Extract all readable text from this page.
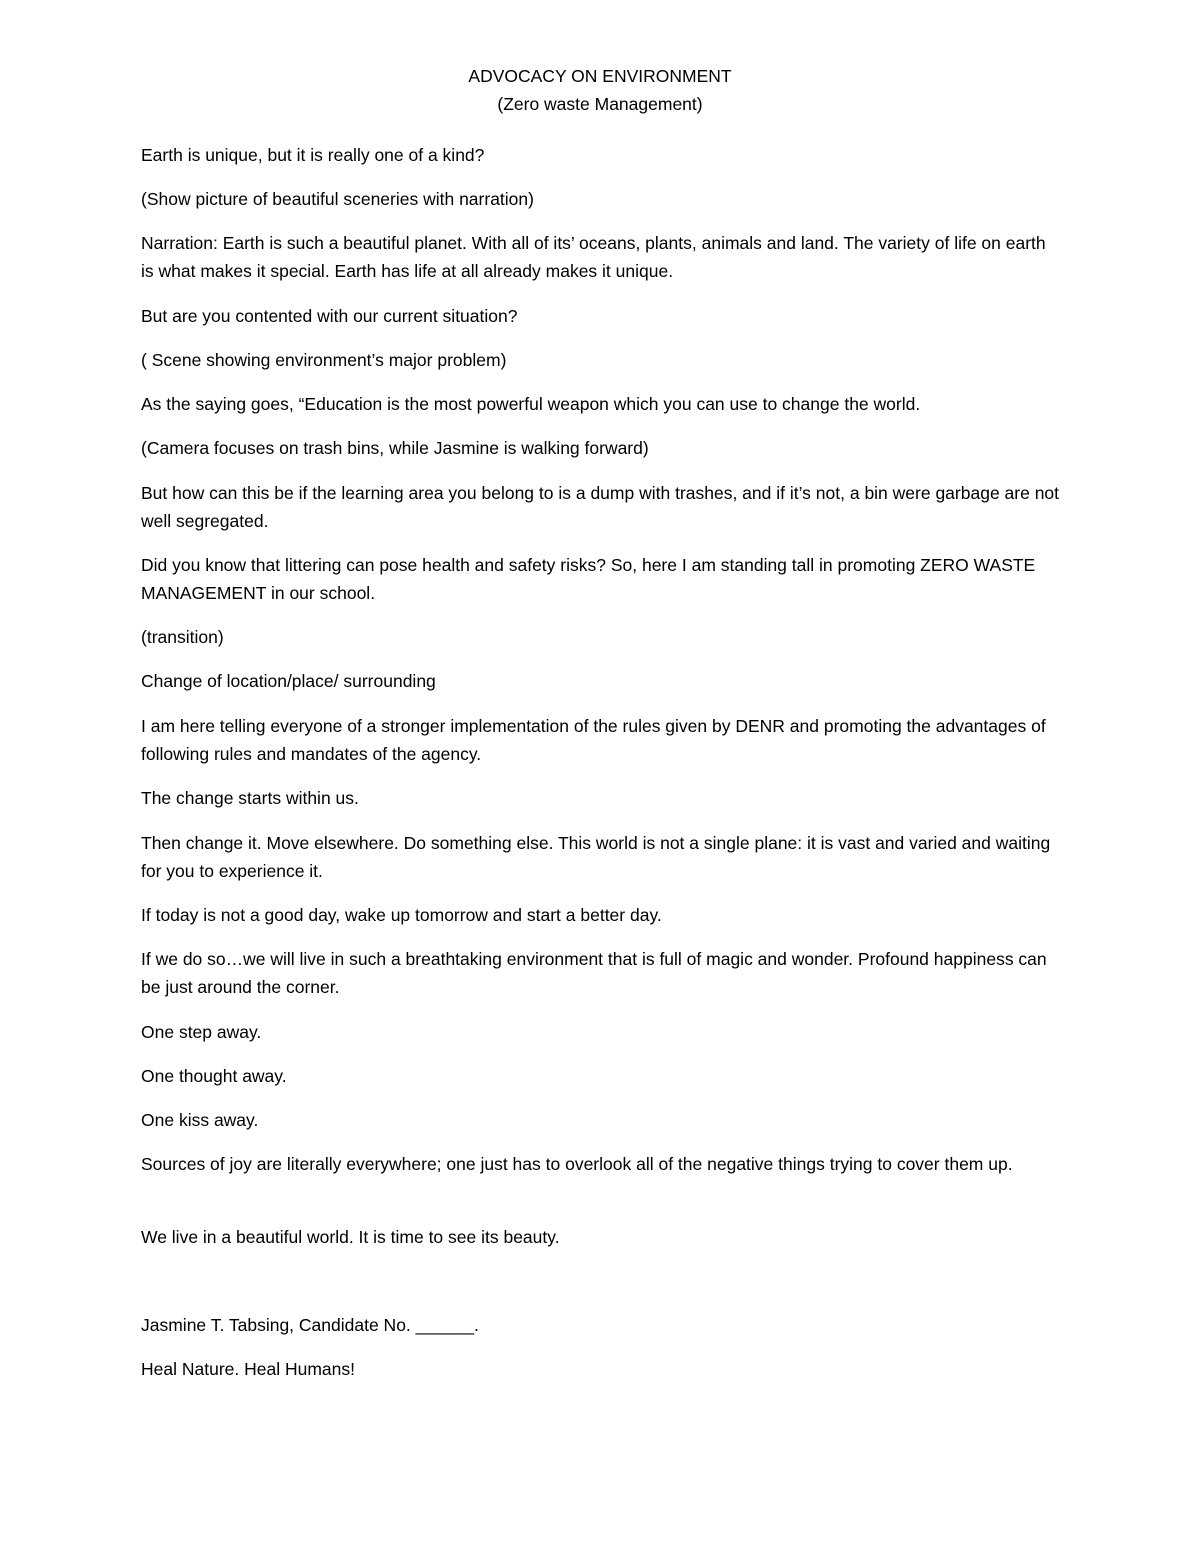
ADVOCACY ON ENVIRONMENT
(Zero waste Management)

Earth is unique, but it is really one of a kind?

(Show picture of beautiful sceneries with narration)

Narration: Earth is such a beautiful planet. With all of its’ oceans, plants, animals and land. The variety of life on earth is what makes it special. Earth has life at all already makes it unique.

But are you contented with our current situation?

( Scene showing environment’s major problem)

As the saying goes, “Education is the most powerful weapon which you can use to change the world.

(Camera focuses on trash bins, while Jasmine is walking forward)

But how can this be if the learning area you belong to is a dump with trashes, and if it’s not, a bin were garbage are not well segregated.

Did you know that littering can pose health and safety risks? So, here I am standing tall in promoting ZERO WASTE MANAGEMENT in our school.

(transition)

Change of location/place/ surrounding

I am here telling everyone of a stronger implementation of the rules given by DENR and promoting the advantages of following rules and mandates of the agency.

The change starts within us.

Then change it. Move elsewhere. Do something else. This world is not a single plane: it is vast and varied and waiting for you to experience it.

If today is not a good day, wake up tomorrow and start a better day.

If we do so…we will live in such a breathtaking environment that is full of magic and wonder. Profound happiness can be just around the corner.

One step away.

One thought away.

One kiss away.

Sources of joy are literally everywhere; one just has to overlook all of the negative things trying to cover them up.

We live in a beautiful world. It is time to see its beauty.

Jasmine T. Tabsing, Candidate No. ______.

Heal Nature. Heal Humans!
